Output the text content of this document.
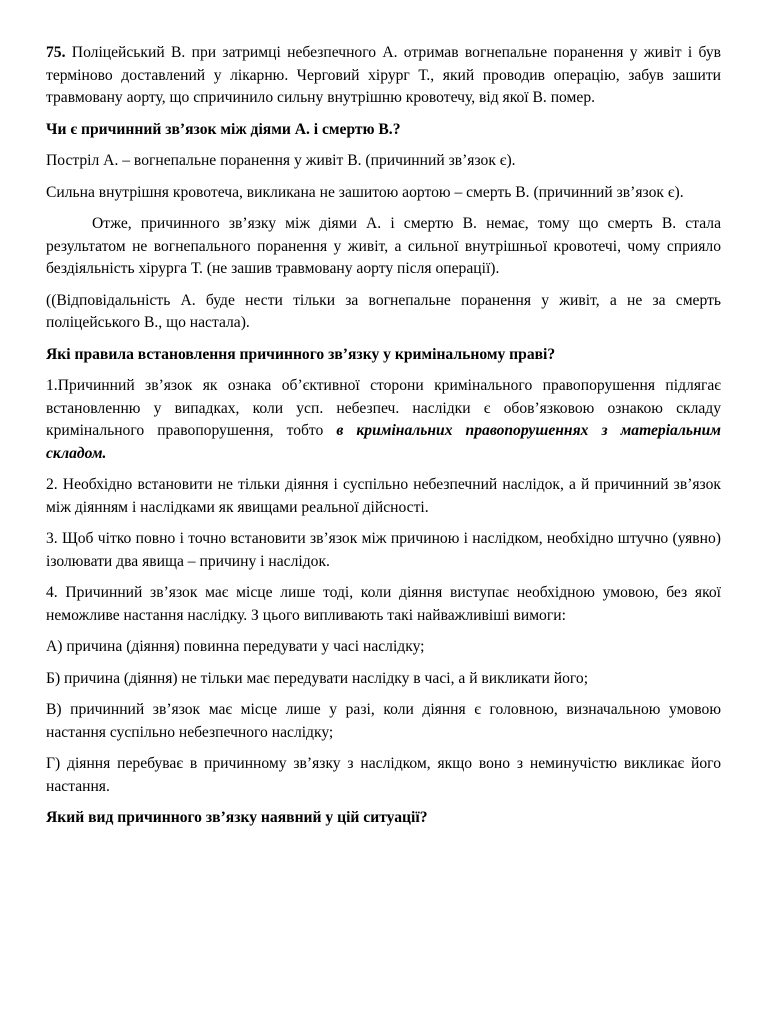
75. Поліцейський В. при затримці небезпечного А. отримав вогнепальне поранення у живіт і був терміново доставлений у лікарню. Черговий хірург Т., який проводив операцію, забув зашити травмовану аорту, що спричинило сильну внутрішню кровотечу, від якої В. помер.

Чи є причинний зв’язок між діями А. і смертю В.?

Постріл А. – вогнепальне поранення у живіт В. (причинний зв’язок є).

Сильна внутрішня кровотеча, викликана не зашитою аортою – смерть В. (причинний зв’язок є).

Отже, причинного зв’язку між діями А. і смертю В. немає, тому що смерть В. стала результатом не вогнепального поранення у живіт, а сильної внутрішньої кровотечі, чому сприяло бездіяльність хірурга Т. (не зашив травмовану аорту після операції).

((Відповідальність А. буде нести тільки за вогнепальне поранення у живіт, а не за смерть поліцейського В., що настала).

Які правила встановлення причинного зв’язку у кримінальному праві?

1.Причинний зв’язок як ознака об’єктивної сторони кримінального правопорушення підлягає встановленню у випадках, коли усп. небезпеч. наслідки є обов’язковою ознакою складу кримінального правопорушення, тобто в кримінальних правопорушеннях з матеріальним складом.

2. Необхідно встановити не тільки діяння і суспільно небезпечний наслідок, а й причинний зв’язок між діянням і наслідками як явищами реальної дійсності.

3. Щоб чітко повно і точно встановити зв’язок між причиною і наслідком, необхідно штучно (уявно) ізолювати два явища – причину і наслідок.

4. Причинний зв’язок має місце лише тоді, коли діяння виступає необхідною умовою, без якої неможливе настання наслідку. З цього випливають такі найважливіші вимоги:

А) причина (діяння) повинна передувати у часі наслідку;

Б) причина (діяння) не тільки має передувати наслідку в часі, а й викликати його;

В) причинний зв’язок має місце лише у разі, коли діяння є головною, визначальною умовою настання суспільно небезпечного наслідку;

Г) діяння перебуває в причинному зв’язку з наслідком, якщо воно з неминучістю викликає його настання.

Який вид причинного зв’язку наявний у цій ситуації?
